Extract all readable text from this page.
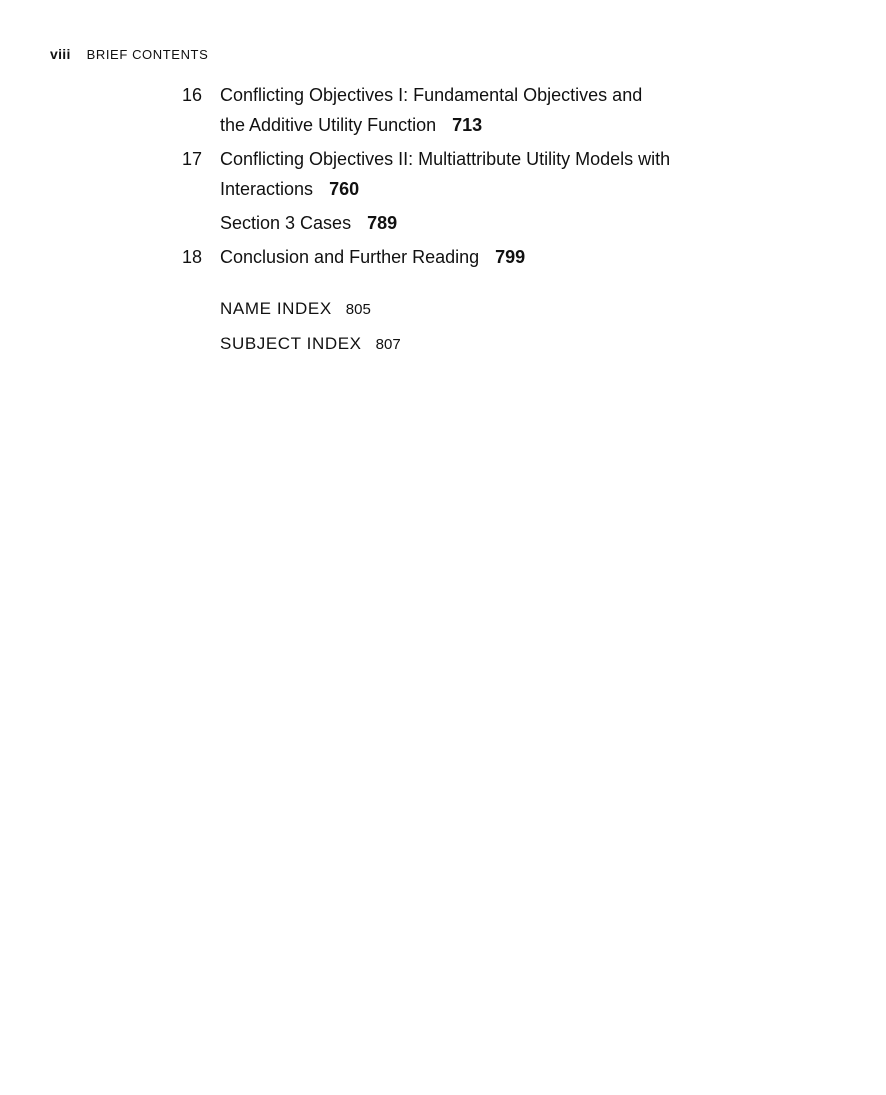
viii BRIEF CONTENTS
16 Conflicting Objectives I: Fundamental Objectives and
the Additive Utility Function 713
17 Conflicting Objectives II: Multiattribute Utility Models with
Interactions 760
Section 3 Cases 789
18 Conclusion and Further Reading 799
NAME INDEX 805
SUBJECT INDEX 807
